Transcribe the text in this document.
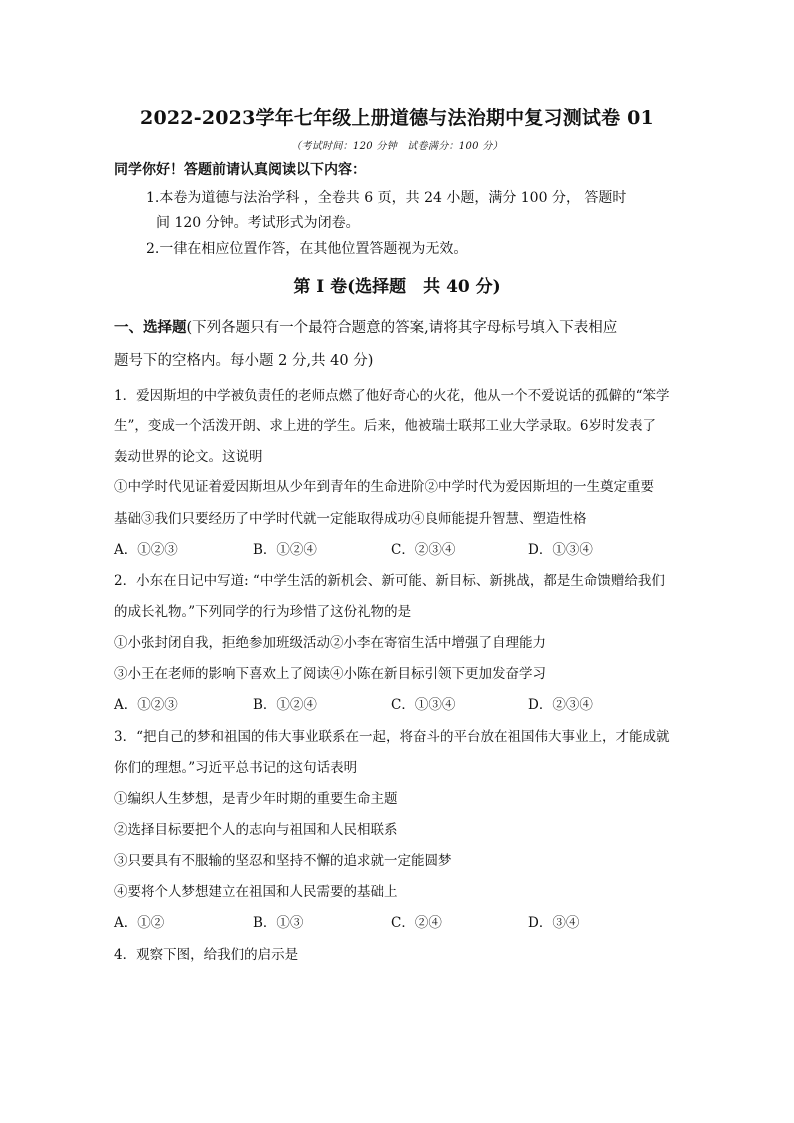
2022-2023学年七年级上册道德与法治期中复习测试卷 01
（考试时间：120 分钟　试卷满分：100 分）
同学你好！答题前请认真阅读以下内容：
1.本卷为道德与法治学科 ，全卷共 6 页，共 24 小题，满分 100 分， 答题时
间 120 分钟。考试形式为闭卷。
2.一律在相应位置作答，在其他位置答题视为无效。
第 I 卷(选择题　共 40 分)
一、选择题(下列各题只有一个最符合题意的答案,请将其字母标号填入下表相应
题号下的空格内。每小题 2 分,共 40 分)
1．爱因斯坦的中学被负责任的老师点燃了他好奇心的火花，他从一个不爱说话的孤僻的“笨学
生”，变成一个活泼开朗、求上进的学生。后来，他被瑞士联邦工业大学录取。6岁时发表了
轰动世界的论文。这说明
①中学时代见证着爱因斯坦从少年到青年的生命进阶②中学时代为爱因斯坦的一生奠定重要
基础③我们只要经历了中学时代就一定能取得成功④良师能提升智慧、塑造性格
A．①②③	B．①②④	C．②③④	D．①③④
2．小东在日记中写道: “中学生活的新机会、新可能、新目标、新挑战，都是生命馈赠给我们
的成长礼物。”下列同学的行为珍惜了这份礼物的是
①小张封闭自我，拒绝参加班级活动②小李在寄宿生活中增强了自理能力
③小王在老师的影响下喜欢上了阅读④小陈在新目标引领下更加发奋学习
A．①②③	B．①②④	C．①③④	D．②③④
3．“把自己的梦和祖国的伟大事业联系在一起，将奋斗的平台放在祖国伟大事业上，才能成就
你们的理想。”习近平总书记的这句话表明
①编织人生梦想，是青少年时期的重要生命主题
②选择目标要把个人的志向与祖国和人民相联系
③只要具有不服输的坚忍和坚持不懈的追求就一定能圆梦
④要将个人梦想建立在祖国和人民需要的基础上
A．①②	B．①③	C．②④	D．③④
4．观察下图，给我们的启示是
